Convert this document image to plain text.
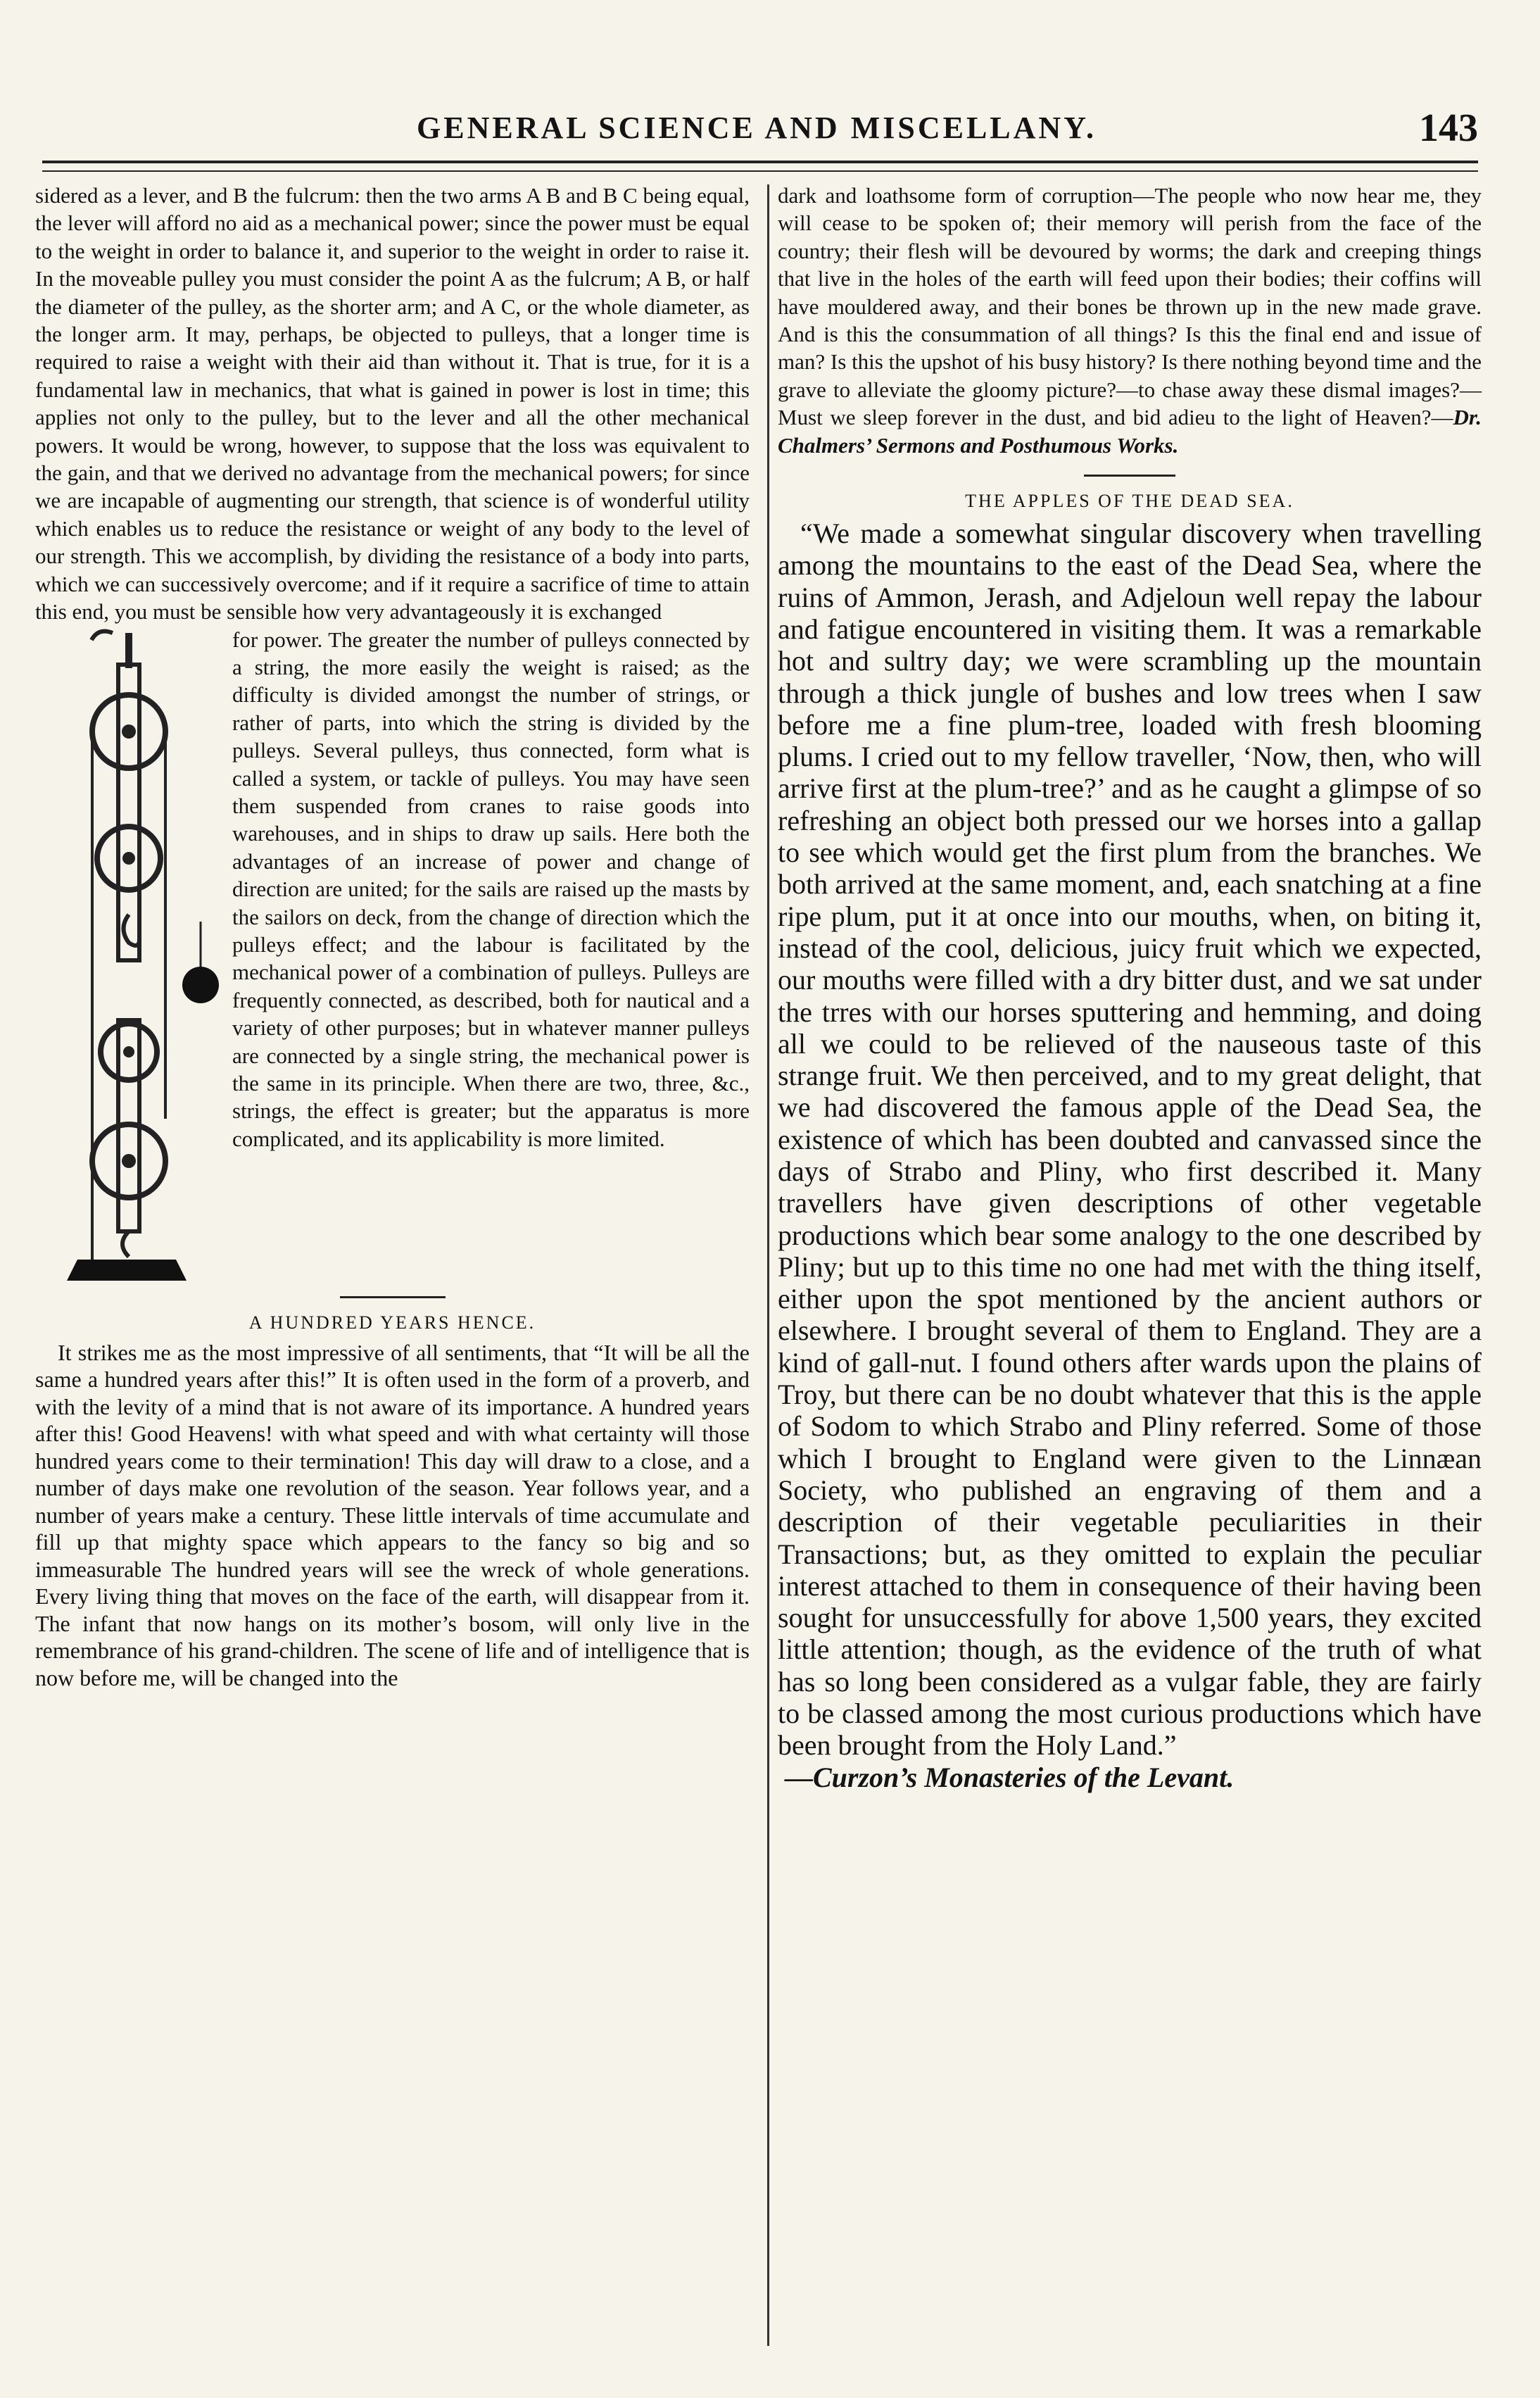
GENERAL SCIENCE AND MISCELLANY.	143

sidered as a lever, and B the fulcrum: then the two arms A B and B C being equal, the lever will afford no aid as a mechanical power; since the power must be equal to the weight in order to balance it, and superior to the weight in order to raise it. In the moveable pulley you must consider the point A as the fulcrum; A B, or half the diameter of the pulley, as the shorter arm; and A C, or the whole diameter, as the longer arm. It may, perhaps, be objected to pulleys, that a longer time is required to raise a weight with their aid than without it. That is true, for it is a fundamental law in mechanics, that what is gained in power is lost in time; this applies not only to the pulley, but to the lever and all the other mechanical powers. It would be wrong, however, to suppose that the loss was equivalent to the gain, and that we derived no advantage from the mechanical powers; for since we are incapable of augmenting our strength, that science is of wonderful utility which enables us to reduce the resistance or weight of any body to the level of our strength. This we accomplish, by dividing the resistance of a body into parts, which we can successively overcome; and if it require a sacrifice of time to attain this end, you must be sensible how very advantageously it is exchanged

for power. The greater the number of pulleys connected by a string, the more easily the weight is raised; as the difficulty is divided amongst the number of strings, or rather of parts, into which the string is divided by the pulleys. Several pulleys, thus connected, form what is called a system, or tackle of pulleys. You may have seen them suspended from cranes to raise goods into warehouses, and in ships to draw up sails. Here both the advantages of an increase of power and change of direction are united; for the sails are raised up the masts by the sailors on deck, from the change of direction which the pulleys effect; and the labour is facilitated by the mechanical power of a combination of pulleys. Pulleys are frequently connected, as described, both for nautical and a variety of other purposes; but in whatever manner pulleys are connected by a single string, the mechanical power is the same in its principle. When there are two, three, &c., strings, the effect is greater; but the apparatus is more complicated, and its applicability is more limited.

A HUNDRED YEARS HENCE.

It strikes me as the most impressive of all sentiments, that “It will be all the same a hundred years after this!” It is often used in the form of a proverb, and with the levity of a mind that is not aware of its importance. A hundred years after this! Good Heavens! with what speed and with what certainty will those hundred years come to their termination! This day will draw to a close, and a number of days make one revolution of the season. Year follows year, and a number of years make a century. These little intervals of time accumulate and fill up that mighty space which appears to the fancy so big and so immeasurable The hundred years will see the wreck of whole generations. Every living thing that moves on the face of the earth, will disappear from it. The infant that now hangs on its mother’s bosom, will only live in the remembrance of his grand-children. The scene of life and of intelligence that is now before me, will be changed into the

dark and loathsome form of corruption—The people who now hear me, they will cease to be spoken of; their memory will perish from the face of the country; their flesh will be devoured by worms; the dark and creeping things that live in the holes of the earth will feed upon their bodies; their coffins will have mouldered away, and their bones be thrown up in the new made grave. And is this the consummation of all things? Is this the final end and issue of man? Is this the upshot of his busy history? Is there nothing beyond time and the grave to alleviate the gloomy picture?—to chase away these dismal images?—Must we sleep forever in the dust, and bid adieu to the light of Heaven?—Dr. Chalmers’ Sermons and Posthumous Works.

THE APPLES OF THE DEAD SEA.

“We made a somewhat singular discovery when travelling among the mountains to the east of the Dead Sea, where the ruins of Ammon, Jerash, and Adjeloun well repay the labour and fatigue encountered in visiting them. It was a remarkable hot and sultry day; we were scrambling up the mountain through a thick jungle of bushes and low trees when I saw before me a fine plum-tree, loaded with fresh blooming plums. I cried out to my fellow traveller, ‘Now, then, who will arrive first at the plum-tree?’ and as he caught a glimpse of so refreshing an object both pressed our we horses into a gallap to see which would get the first plum from the branches. We both arrived at the same moment, and, each snatching at a fine ripe plum, put it at once into our mouths, when, on biting it, instead of the cool, delicious, juicy fruit which we expected, our mouths were filled with a dry bitter dust, and we sat under the trres with our horses sputtering and hemming, and doing all we could to be relieved of the nauseous taste of this strange fruit. We then perceived, and to my great delight, that we had discovered the famous apple of the Dead Sea, the existence of which has been doubted and canvassed since the days of Strabo and Pliny, who first described it. Many travellers have given descriptions of other vegetable productions which bear some analogy to the one described by Pliny; but up to this time no one had met with the thing itself, either upon the spot mentioned by the ancient authors or elsewhere. I brought several of them to England. They are a kind of gall-nut. I found others after wards upon the plains of Troy, but there can be no doubt whatever that this is the apple of Sodom to which Strabo and Pliny referred. Some of those which I brought to England were given to the Linnæan Society, who published an engraving of them and a description of their vegetable peculiarities in their Transactions; but, as they omitted to explain the peculiar interest attached to them in consequence of their having been sought for unsuccessfully for above 1,500 years, they excited little attention; though, as the evidence of the truth of what has so long been considered as a vulgar fable, they are fairly to be classed among the most curious productions which have been brought from the Holy Land.”

—Curzon’s Monasteries of the Levant.
